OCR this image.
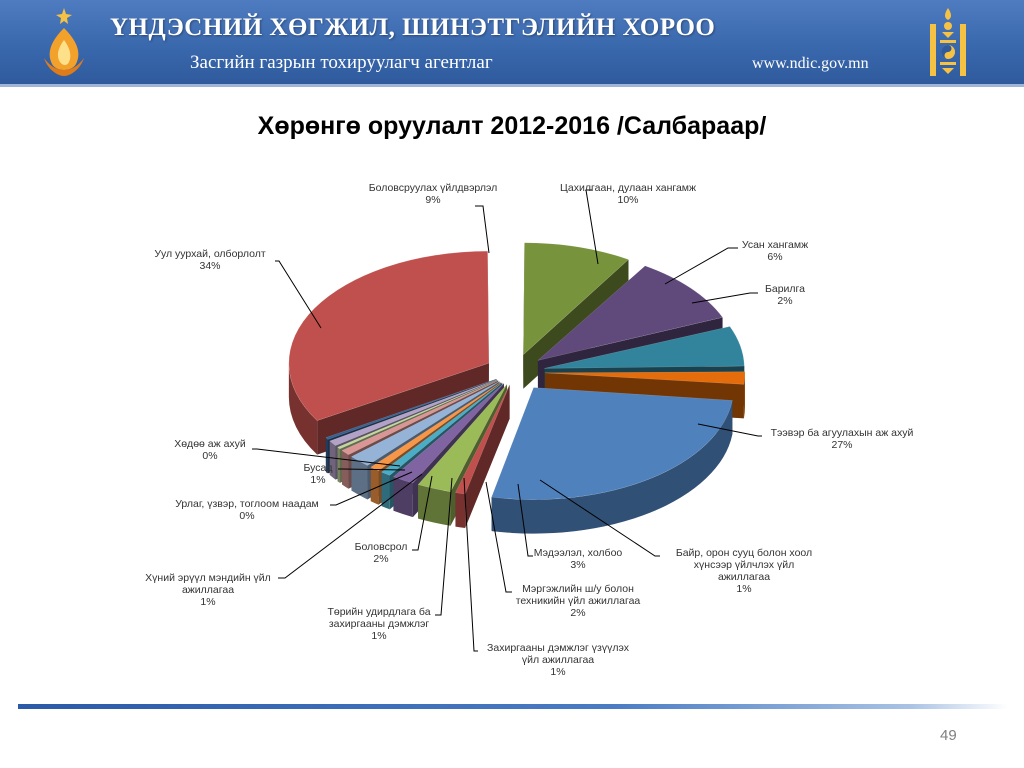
ҮНДЭСНИЙ ХӨГЖИЛ, ШИНЭТГЭЛИЙН ХОРОО
Засгийн газрын тохируулагч агентлаг	www.ndic.gov.mn
Хөрөнгө оруулалт 2012-2016 /Салбараар/
Боловсруулах үйлдвэрлэл
9%
Цахилгаан, дулаан хангамж
10%
Усан хангамж
6%
Барилга
2%
Тээвэр ба агуулахын аж ахуй
27%
Байр, орон сууц болон хоол
хүнсээр үйлчлэх үйл
ажиллагаа
1%
Мэдээлэл, холбоо
3%
Мэргэжлийн ш/у болон
техникийн үйл ажиллагаа
2%
Захиргааны дэмжлэг үзүүлэх
үйл ажиллагаа
1%
Төрийн удирдлага ба
захиргааны дэмжлэг
1%
Боловсрол
2%
Хүний эрүүл мэндийн үйл
ажиллагаа
1%
Урлаг, үзвэр, тоглоом наадам
0%
Бусад
1%
Хөдөө аж ахуй
0%
Уул уурхай, олборлолт
34%
49
